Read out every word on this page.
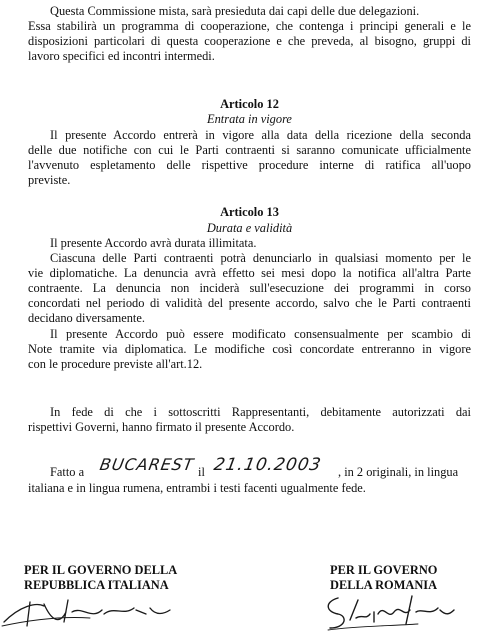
Questa Commissione mista, sarà presieduta dai capi delle due delegazioni.
Essa stabilirà un programma di cooperazione, che contenga i principi generali e le
disposizioni particolari di questa cooperazione e che preveda, al bisogno, gruppi di
lavoro specifici ed incontri intermedi.
Articolo 12
Entrata in vigore
Il presente Accordo entrerà in vigore alla data della ricezione della seconda
delle due notifiche con cui le Parti contraenti si saranno comunicate ufficialmente
l'avvenuto espletamento delle rispettive procedure interne di ratifica all'uopo
previste.
Articolo 13
Durata e validità
Il presente Accordo avrà durata illimitata.
Ciascuna delle Parti contraenti potrà denunciarlo in qualsiasi momento per le
vie diplomatiche. La denuncia avrà effetto sei mesi dopo la notifica all'altra Parte
contraente. La denuncia non inciderà sull'esecuzione dei programmi in corso
concordati nel periodo di validità del presente accordo, salvo che le Parti contraenti
decidano diversamente.
Il presente Accordo può essere modificato consensualmente per scambio di
Note tramite via diplomatica. Le modifiche così concordate entreranno in vigore
con le procedure previste all'art.12.
In fede di che i sottoscritti Rappresentanti, debitamente autorizzati dai
rispettivi Governi, hanno firmato il presente Accordo.
Fatto a BUCAREST il 21.10.2003 , in 2 originali, in lingua
italiana e in lingua rumena, entrambi i testi facenti ugualmente fede.
PER IL GOVERNO DELLA
REPUBBLICA ITALIANA
PER IL GOVERNO
DELLA ROMANIA
